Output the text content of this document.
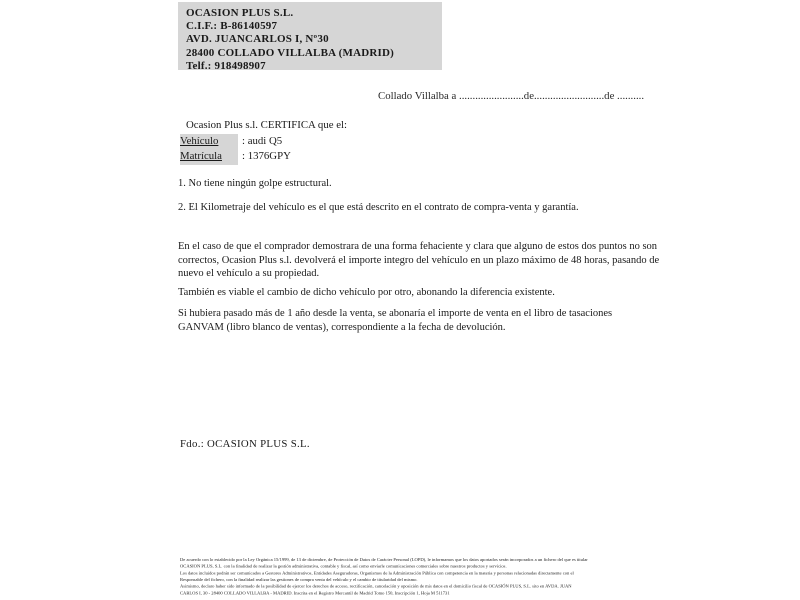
OCASION PLUS S.L.
C.I.F.: B-86140597
AVD. JUANCARLOS I, Nº30
28400 COLLADO VILLALBA (MADRID)
Telf.: 918498907
Collado Villalba a ........................de..........................de ..........
Ocasion Plus s.l. CERTIFICA que el:
Vehículo : audi Q5
Matrícula : 1376GPY
1. No tiene ningún golpe estructural.
2. El Kilometraje del vehículo es el que está descrito en el contrato de compra-venta y garantía.
En el caso de que el comprador demostrara de una forma fehaciente y clara que alguno de estos dos puntos no son correctos, Ocasion Plus s.l. devolverá el importe integro del vehículo en un plazo máximo de 48 horas, pasando de nuevo el vehículo a su propiedad.
También es viable el cambio de dicho vehículo por otro, abonando la diferencia existente.
Si hubiera pasado más de 1 año desde la venta, se abonaría el importe de venta en el libro de tasaciones GANVAM (libro blanco de ventas), correspondiente a la fecha de devolución.
Fdo.: OCASION PLUS S.L.
De acuerdo con lo establecido por la Ley Orgánica 15/1999, de 13 de diciembre, de Protección de Datos de Carácter Personal (LOPD), le informamos que los datos aportados serán incorporados a un fichero del que es titular
OCASION PLUS, S.L. con la finalidad de realizar la gestión administrativa, contable y fiscal, así como enviarle comunicaciones comerciales sobre nuestros productos y servicios.
Los datos incluidos podrán ser comunicados a Gestores Administrativos, Entidades Aseguradoras, Organismos de la Administración Pública con competencia en la materia y personas relacionadas directamente con el
Responsable del fichero, con la finalidad realizar las gestiones de compra venta del vehículo y el cambio de titularidad del mismo.
Asimismo, declaro haber sido informado de la posibilidad de ejercer los derechos de acceso, rectificación, cancelación y oposición de mis datos en el domicilio fiscal de OCASIÓN PLUS, S.L. sito en AVDA. JUAN
CARLOS I, 30 - 28400 COLLADO VILLALBA - MADRID. Inscrita en el Registro Mercantil de Madrid Tomo 150, Inscripción 1, Hoja M 511731
